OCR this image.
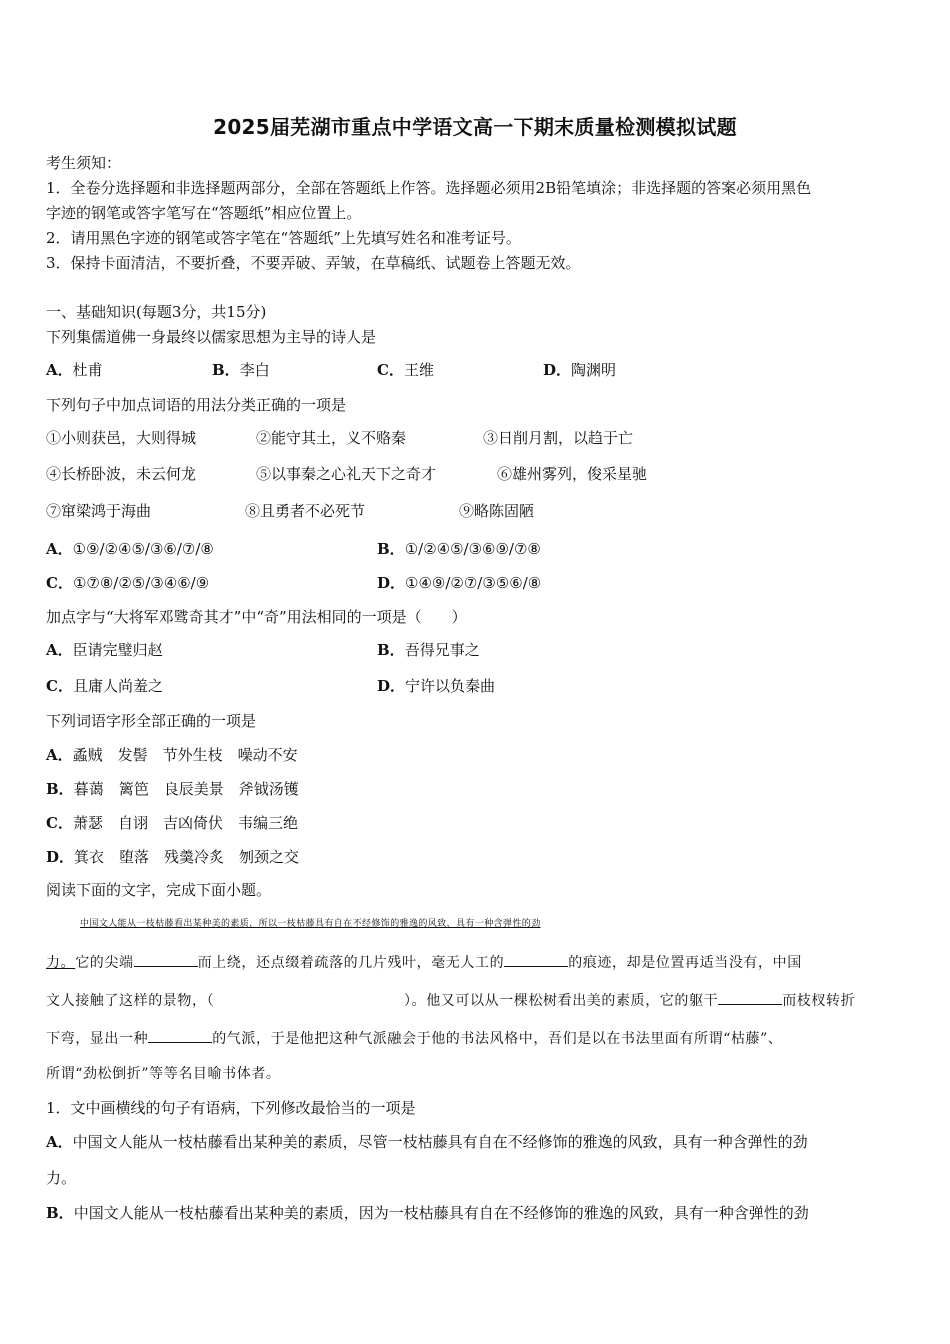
2025届芜湖市重点中学语文高一下期末质量检测模拟试题
考生须知：
1．全卷分选择题和非选择题两部分，全部在答题纸上作答。选择题必须用2B铅笔填涂；非选择题的答案必须用黑色
字迹的钢笔或答字笔写在“答题纸”相应位置上。
2．请用黑色字迹的钢笔或答字笔在“答题纸”上先填写姓名和准考证号。
3．保持卡面清洁，不要折叠，不要弄破、弄皱，在草稿纸、试题卷上答题无效。
一、基础知识(每题3分，共15分)
下列集儒道佛一身最终以儒家思想为主导的诗人是
A．杜甫	B．李白	C．王维	D．陶渊明
下列句子中加点词语的用法分类正确的一项是
①小则获邑，大则得城	②能守其土，义不赂秦	③日削月割，以趋于亡
④长桥卧波，未云何龙	⑤以事秦之心礼天下之奇才	⑥雄州雾列，俊采星驰
⑦窜梁鸿于海曲	⑧且勇者不必死节	⑨略陈固陋
A．①⑨/②④⑤/③⑥/⑦/⑧	B．①/②④⑤/③⑥⑨/⑦⑧
C．①⑦⑧/②⑤/③④⑥/⑨	D．①④⑨/②⑦/③⑤⑥/⑧
加点字与“大将军邓骘奇其才”中“奇”用法相同的一项是（　　）
A．臣请完璧归赵	B．吾得兄事之
C．且庸人尚羞之	D．宁许以负秦曲
下列词语字形全部正确的一项是
A．蟊贼　发髻　节外生枝　噪动不安
B．暮蔼　篱笆　良辰美景　斧钺汤镬
C．萧瑟　自诩　吉凶倚伏　韦编三绝
D．箕衣　堕落　残羹冷炙　刎颈之交
阅读下面的文字，完成下面小题。
中国文人能从一枝枯藤看出某种美的素质，所以一枝枯藤具有自在不经修饰的雅逸的风致，具有一种含弹性的劲
力。它的尖端	而上绕，还点缀着疏落的几片残叶，毫无人工的	的痕迹，却是位置再适当没有，中国
文人接触了这样的景物，（　　　　　　　　　　　　　）。他又可以从一棵松树看出美的素质，它的躯干	而枝杈转折
下弯，显出一种	的气派，于是他把这种气派融会于他的书法风格中，吾们是以在书法里面有所谓“枯藤”、
所谓“劲松倒折”等等名目喻书体者。
1．文中画横线的句子有语病，下列修改最恰当的一项是
A．中国文人能从一枝枯藤看出某种美的素质，尽管一枝枯藤具有自在不经修饰的雅逸的风致，具有一种含弹性的劲
力。
B．中国文人能从一枝枯藤看出某种美的素质，因为一枝枯藤具有自在不经修饰的雅逸的风致，具有一种含弹性的劲
